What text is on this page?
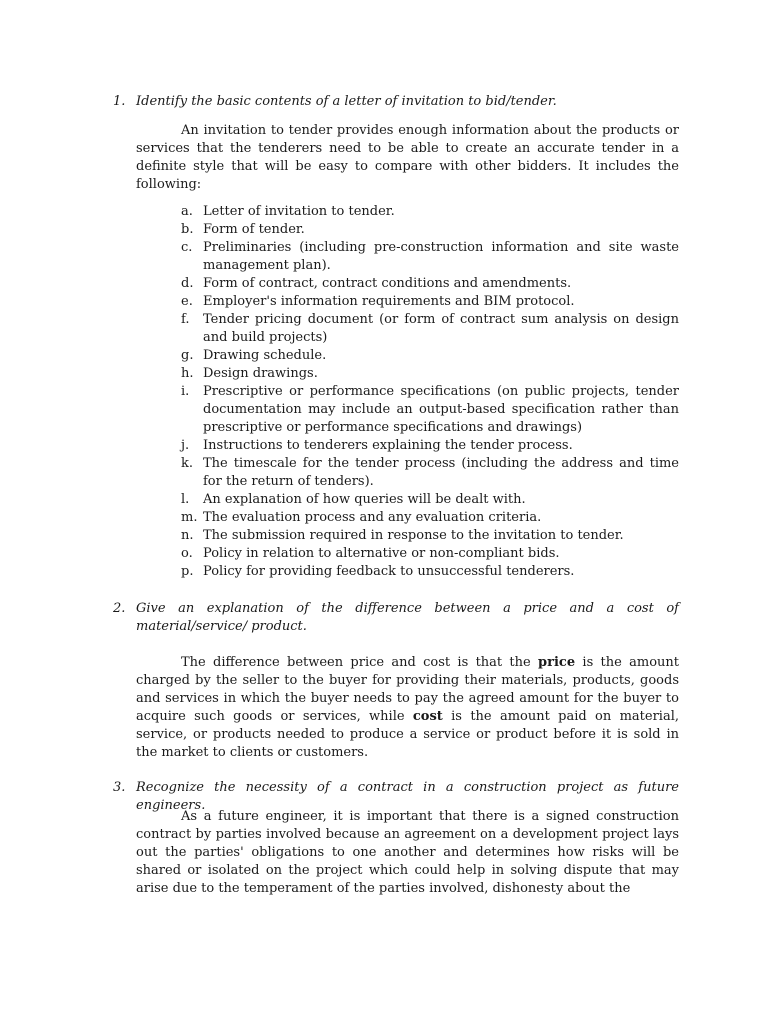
1. Identify the basic contents of a letter of invitation to bid/tender.
An invitation to tender provides enough information about the products or services that the tenderers need to be able to create an accurate tender in a definite style that will be easy to compare with other bidders. It includes the following:
a. Letter of invitation to tender.
b. Form of tender.
c. Preliminaries (including pre-construction information and site waste management plan).
d. Form of contract, contract conditions and amendments.
e. Employer's information requirements and BIM protocol.
f. Tender pricing document (or form of contract sum analysis on design and build projects)
g. Drawing schedule.
h. Design drawings.
i. Prescriptive or performance specifications (on public projects, tender documentation may include an output-based specification rather than prescriptive or performance specifications and drawings)
j. Instructions to tenderers explaining the tender process.
k. The timescale for the tender process (including the address and time for the return of tenders).
l. An explanation of how queries will be dealt with.
m. The evaluation process and any evaluation criteria.
n. The submission required in response to the invitation to tender.
o. Policy in relation to alternative or non-compliant bids.
p. Policy for providing feedback to unsuccessful tenderers.
2. Give an explanation of the difference between a price and a cost of material/service/ product.
The difference between price and cost is that the price is the amount charged by the seller to the buyer for providing their materials, products, goods and services in which the buyer needs to pay the agreed amount for the buyer to acquire such goods or services, while cost is the amount paid on material, service, or products needed to produce a service or product before it is sold in the market to clients or customers.
3. Recognize the necessity of a contract in a construction project as future engineers.
As a future engineer, it is important that there is a signed construction contract by parties involved because an agreement on a development project lays out the parties' obligations to one another and determines how risks will be shared or isolated on the project which could help in solving dispute that may arise due to the temperament of the parties involved, dishonesty about the
